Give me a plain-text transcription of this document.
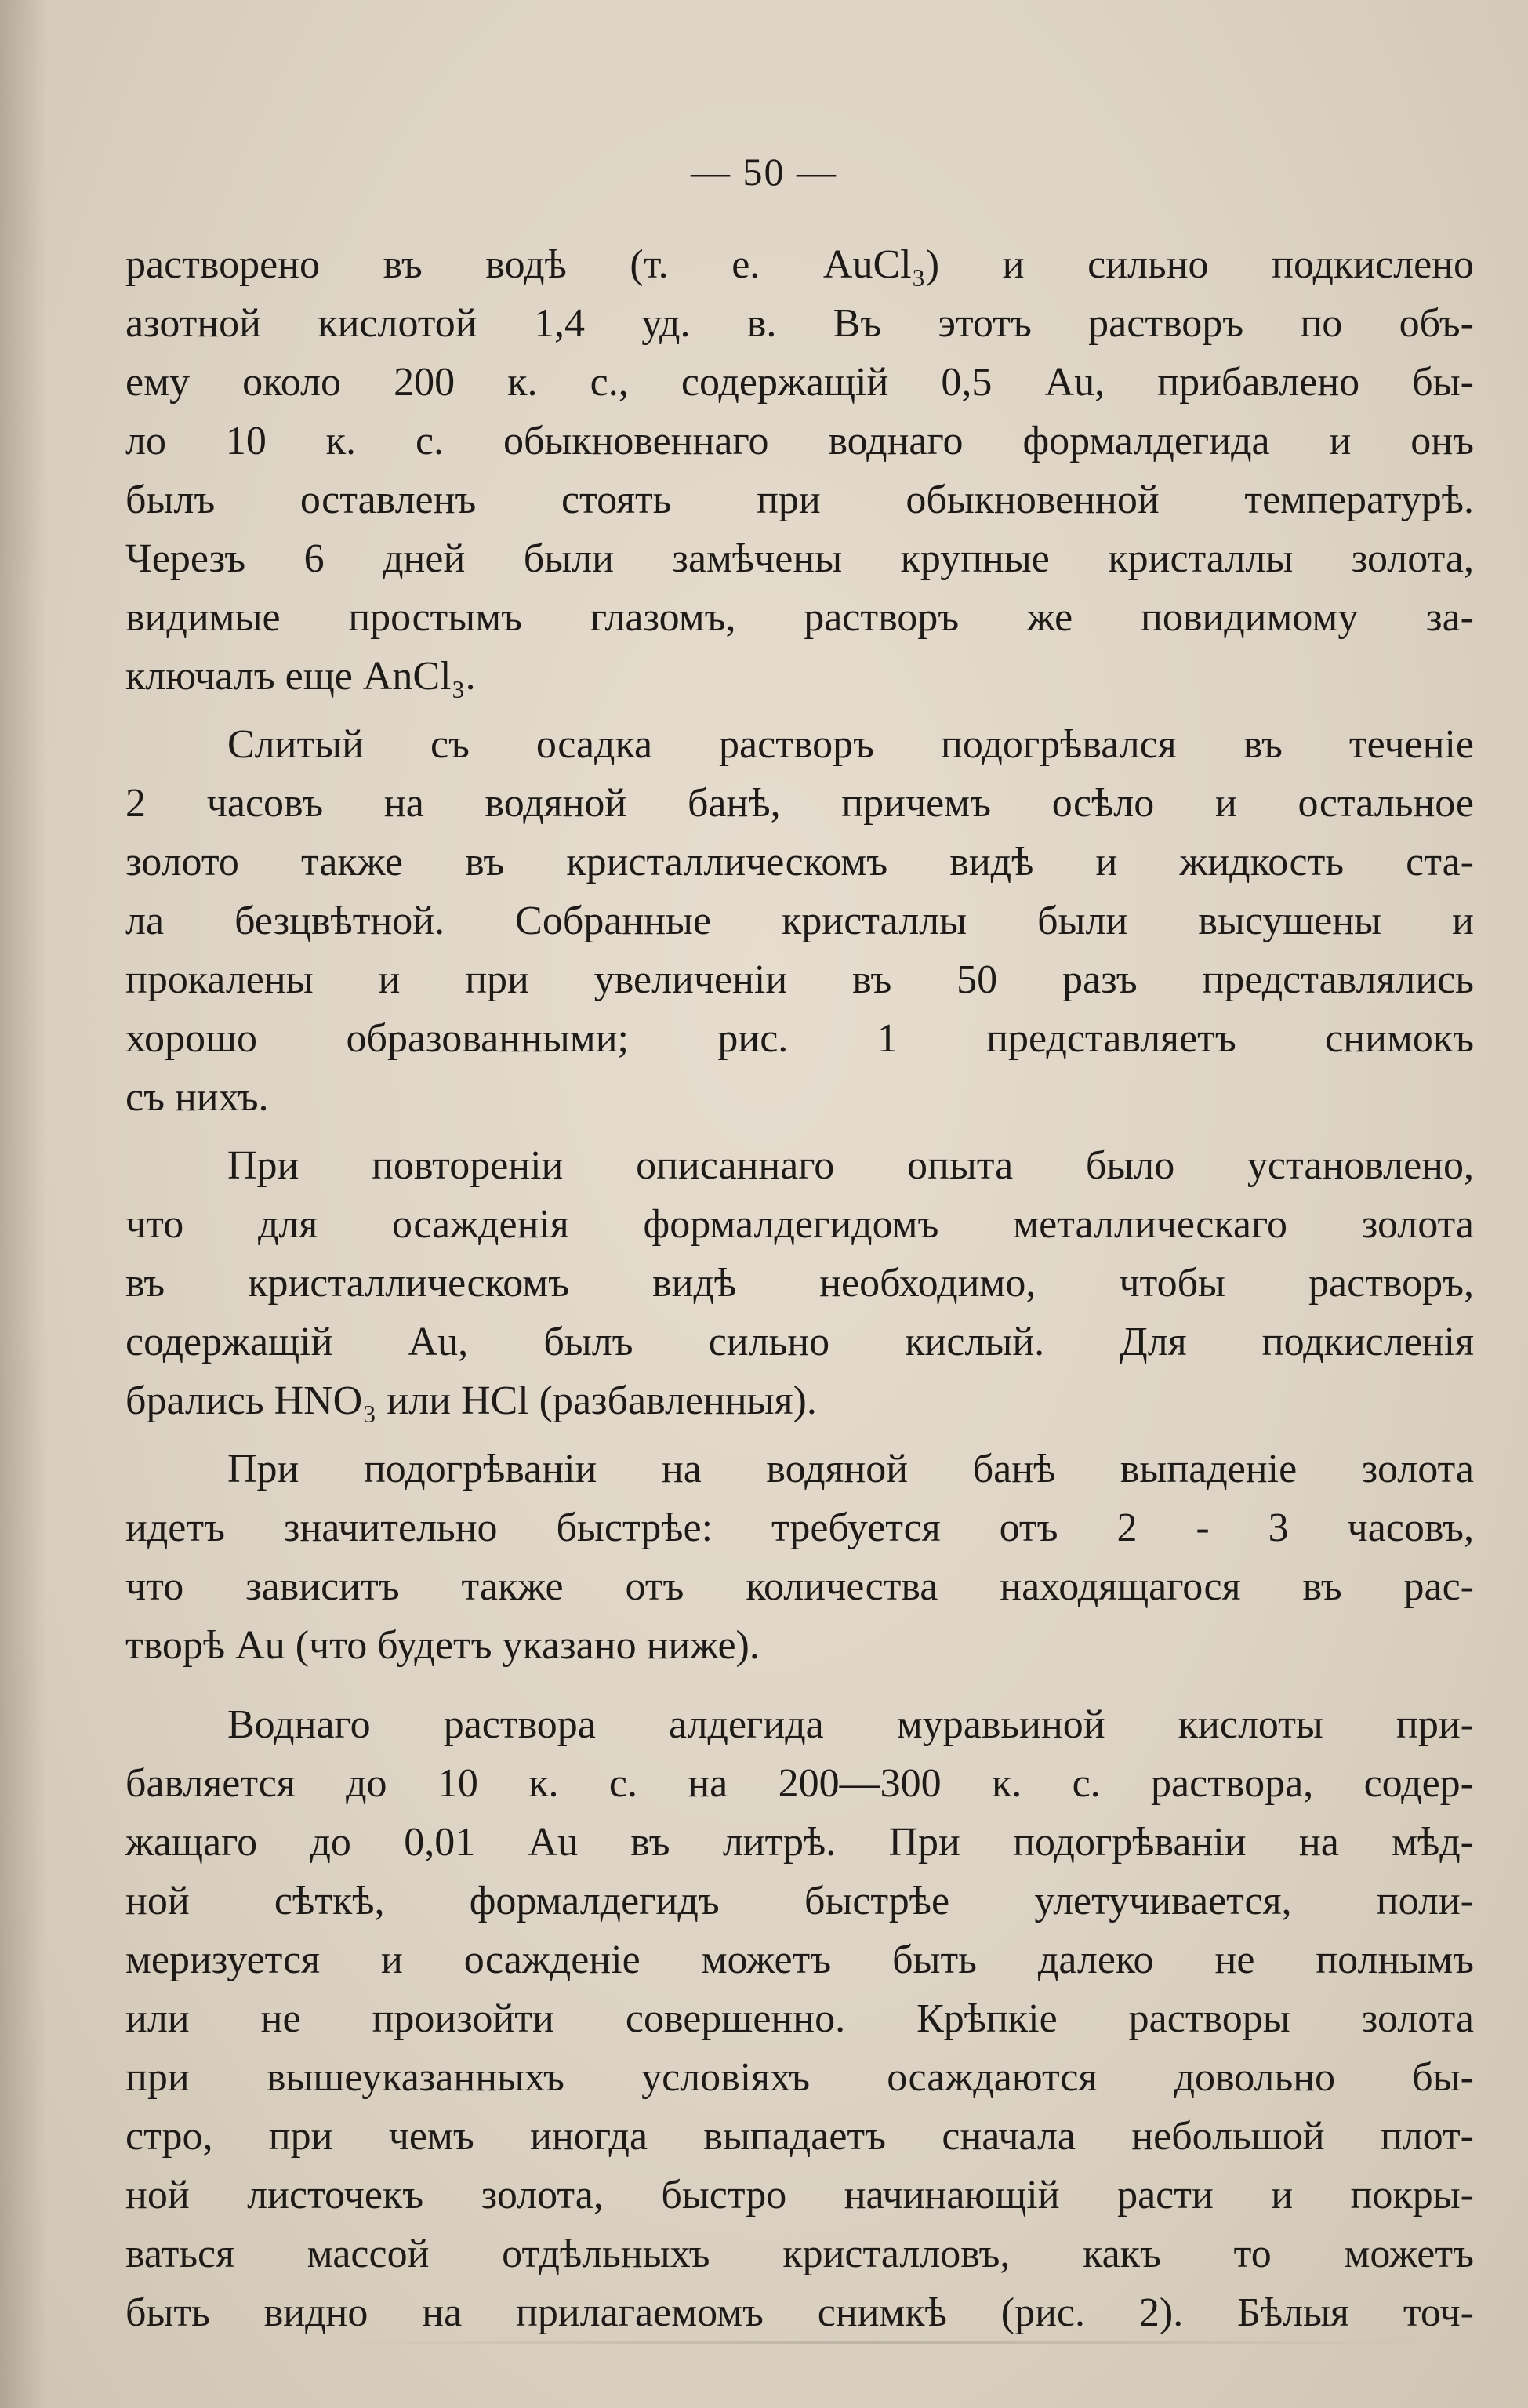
— 50 —
растворено въ водѣ (т. е. AuCl₃) и сильно подкислено
азотной кислотой 1,4 уд. в. Въ этотъ растворъ по объ-
ему около 200 к. с., содержащій 0,5 Au, прибавлено бы-
ло 10 к. с. обыкновеннаго воднаго формалдегида и онъ
былъ оставленъ стоять при обыкновенной температурѣ.
Черезъ 6 дней были замѣчены крупные кристаллы золота,
видимые простымъ глазомъ, растворъ же повидимому за-
ключалъ еще AnCl₃.
Слитый съ осадка растворъ подогрѣвался въ теченіе
2 часовъ на водяной банѣ, причемъ осѣло и остальное
золото также въ кристаллическомъ видѣ и жидкость ста-
ла безцвѣтной. Собранные кристаллы были высушены и
прокалены и при увеличеніи въ 50 разъ представлялись
хорошо образованными; рис. 1 представляетъ снимокъ
съ нихъ.
При повтореніи описаннаго опыта было установлено,
что для осажденія формалдегидомъ металлическаго золота
въ кристаллическомъ видѣ необходимо, чтобы растворъ,
содержащій Au, былъ сильно кислый. Для подкисленія
брались HNO₃ или HCl (разбавленныя).
При подогрѣваніи на водяной банѣ выпаденіе золота
идетъ значительно быстрѣе: требуется отъ 2 - 3 часовъ,
что зависитъ также отъ количества находящагося въ рас-
творѣ Au (что будетъ указано ниже).
Воднаго раствора алдегида муравьиной кислоты при-
бавляется до 10 к. с. на 200—300 к. с. раствора, содер-
жащаго до 0,01 Au въ литрѣ. При подогрѣваніи на мѣд-
ной сѣткѣ, формалдегидъ быстрѣе улетучивается, поли-
меризуется и осажденіе можетъ быть далеко не полнымъ
или не произойти совершенно. Крѣпкіе растворы золота
при вышеуказанныхъ условіяхъ осаждаются довольно бы-
стро, при чемъ иногда выпадаетъ сначала небольшой плот-
ной листочекъ золота, быстро начинающій расти и покры-
ваться массой отдѣльныхъ кристалловъ, какъ то можетъ
быть видно на прилагаемомъ снимкѣ (рис. 2). Бѣлыя точ-
